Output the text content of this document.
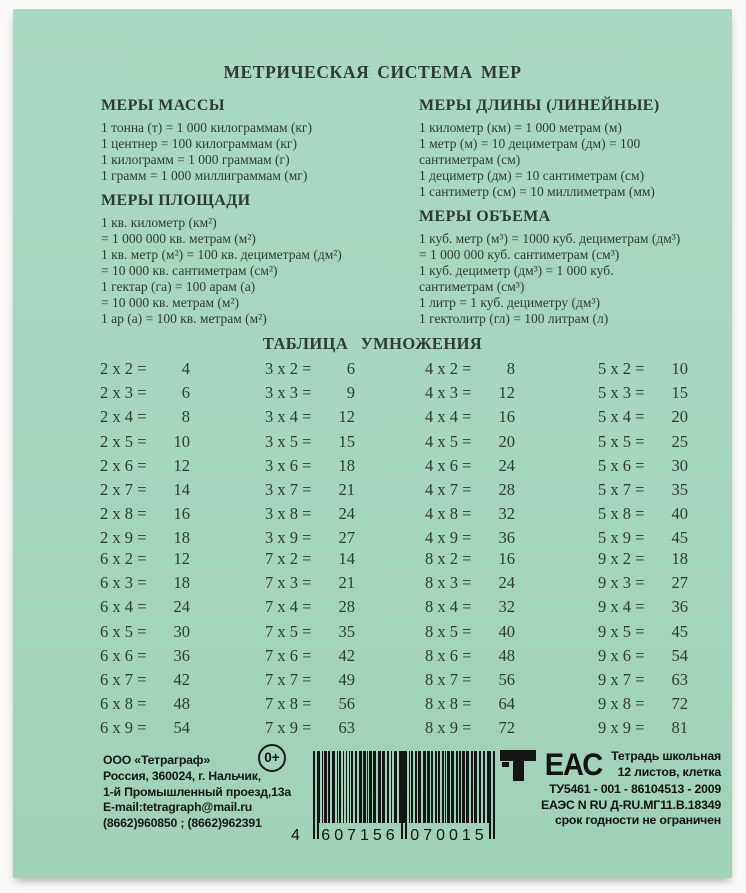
МЕТРИЧЕСКАЯ СИСТЕМА МЕР
МЕРЫ МАССЫ
1 тонна (т) = 1 000 килограммам (кг)
1 центнер = 100 килограммам (кг)
1 килограмм = 1 000 граммам (г)
1 грамм = 1 000 миллиграммам (мг)
МЕРЫ ПЛОЩАДИ
1 кв. километр (км²)
= 1 000 000 кв. метрам (м²)
1 кв. метр (м²) = 100 кв. дециметрам (дм²)
= 10 000 кв. сантиметрам (см²)
1 гектар (га) = 100 арам (а)
= 10 000 кв. метрам (м²)
1 ар (а) = 100 кв. метрам (м²)
МЕРЫ ДЛИНЫ (ЛИНЕЙНЫЕ)
1 километр (км) = 1 000 метрам (м)
1 метр (м) = 10 дециметрам (дм) = 100
сантиметрам (см)
1 дециметр (дм) = 10 сантиметрам (см)
1 сантиметр (см) = 10 миллиметрам (мм)
МЕРЫ ОБЪЕМА
1 куб. метр (м³) = 1000 куб. дециметрам (дм³)
= 1 000 000 куб. сантиметрам (см³)
1 куб. дециметр (дм³) = 1 000 куб.
сантиметрам (см³)
1 литр = 1 куб. дециметру (дм³)
1 гектолитр (гл) = 100 литрам (л)
ТАБЛИЦА УМНОЖЕНИЯ
2 x 2 =	4
2 x 3 =	6
2 x 4 =	8
2 x 5 =	10
2 x 6 =	12
2 x 7 =	14
2 x 8 =	16
2 x 9 =	18
3 x 2 =	6
3 x 3 =	9
3 x 4 =	12
3 x 5 =	15
3 x 6 =	18
3 x 7 =	21
3 x 8 =	24
3 x 9 =	27
4 x 2 =	8
4 x 3 =	12
4 x 4 =	16
4 x 5 =	20
4 x 6 =	24
4 x 7 =	28
4 x 8 =	32
4 x 9 =	36
5 x 2 =	10
5 x 3 =	15
5 x 4 =	20
5 x 5 =	25
5 x 6 =	30
5 x 7 =	35
5 x 8 =	40
5 x 9 =	45
6 x 2 =	12
6 x 3 =	18
6 x 4 =	24
6 x 5 =	30
6 x 6 =	36
6 x 7 =	42
6 x 8 =	48
6 x 9 =	54
7 x 2 =	14
7 x 3 =	21
7 x 4 =	28
7 x 5 =	35
7 x 6 =	42
7 x 7 =	49
7 x 8 =	56
7 x 9 =	63
8 x 2 =	16
8 x 3 =	24
8 x 4 =	32
8 x 5 =	40
8 x 6 =	48
8 x 7 =	56
8 x 8 =	64
8 x 9 =	72
9 x 2 =	18
9 x 3 =	27
9 x 4 =	36
9 x 5 =	45
9 x 6 =	54
9 x 7 =	63
9 x 8 =	72
9 x 9 =	81
ООО «Тетраграф»
Россия, 360024, г. Нальчик,
1-й Промышленный проезд,13а
E-mail:tetragraph@mail.ru
(8662)960850 ; (8662)962391
0+
4 607156 070015
ЕАС Тетрадь школьная
12 листов, клетка
ТУ5461 - 001 - 86104513 - 2009
ЕАЭС N RU Д-RU.МГ11.В.18349
срок годности не ограничен
